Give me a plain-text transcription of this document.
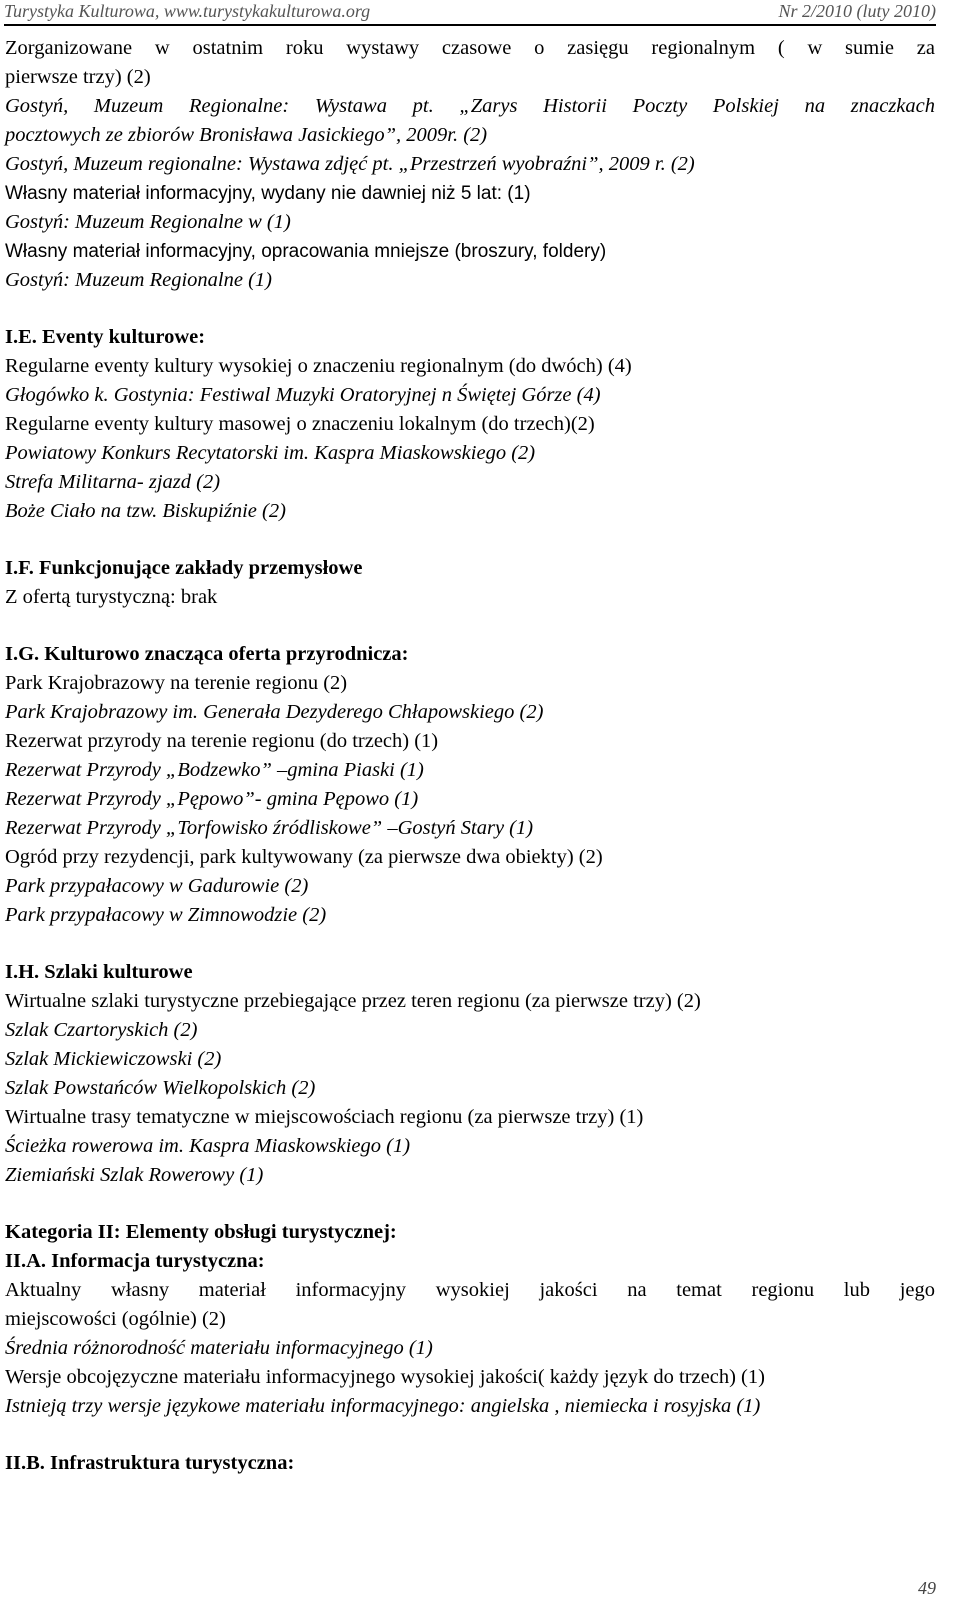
Turystyka Kulturowa, www.turystykakulturowa.org	Nr 2/2010 (luty 2010)
Zorganizowane w ostatnim roku wystawy czasowe o zasięgu regionalnym ( w sumie za
pierwsze trzy) (2)
Gostyń, Muzeum Regionalne: Wystawa pt. „Zarys Historii Poczty Polskiej na znaczkach
pocztowych ze zbiorów Bronisława Jasickiego”, 2009r. (2)
Gostyń, Muzeum regionalne: Wystawa zdjęć pt. „Przestrzeń wyobraźni”, 2009 r. (2)
Własny materiał informacyjny, wydany nie dawniej niż 5 lat: (1)
Gostyń: Muzeum Regionalne w (1)
Własny materiał informacyjny, opracowania mniejsze (broszury, foldery)
Gostyń: Muzeum Regionalne (1)
I.E. Eventy kulturowe:
Regularne eventy kultury wysokiej o znaczeniu regionalnym (do dwóch) (4)
Głogówko k. Gostynia: Festiwal Muzyki Oratoryjnej n Świętej Górze (4)
Regularne eventy kultury masowej o znaczeniu lokalnym (do trzech)(2)
Powiatowy Konkurs Recytatorski im. Kaspra Miaskowskiego (2)
Strefa Militarna- zjazd (2)
Boże Ciało na tzw. Biskupiźnie (2)
I.F. Funkcjonujące zakłady przemysłowe
Z ofertą turystyczną: brak
I.G. Kulturowo znacząca oferta przyrodnicza:
Park Krajobrazowy na terenie regionu (2)
Park Krajobrazowy im. Generała Dezyderego Chłapowskiego (2)
Rezerwat przyrody na terenie regionu (do trzech) (1)
Rezerwat Przyrody „Bodzewko” –gmina Piaski (1)
Rezerwat Przyrody „Pępowo”- gmina Pępowo (1)
Rezerwat Przyrody „Torfowisko źródliskowe” –Gostyń Stary (1)
Ogród przy rezydencji, park kultywowany (za pierwsze dwa obiekty) (2)
Park przypałacowy w Gadurowie (2)
Park przypałacowy w Zimnowodzie (2)
I.H. Szlaki kulturowe
Wirtualne szlaki turystyczne przebiegające przez teren regionu (za pierwsze trzy) (2)
Szlak Czartoryskich (2)
Szlak Mickiewiczowski (2)
Szlak Powstańców Wielkopolskich (2)
Wirtualne trasy tematyczne w miejscowościach regionu (za pierwsze trzy) (1)
Ścieżka rowerowa im. Kaspra Miaskowskiego (1)
Ziemiański Szlak Rowerowy (1)
Kategoria II: Elementy obsługi turystycznej:
II.A. Informacja turystyczna:
Aktualny własny materiał informacyjny wysokiej jakości na temat regionu lub jego
miejscowości (ogólnie) (2)
Średnia różnorodność materiału informacyjnego (1)
Wersje obcojęzyczne materiału informacyjnego wysokiej jakości( każdy język do trzech) (1)
Istnieją trzy wersje językowe materiału informacyjnego: angielska , niemiecka i rosyjska (1)
II.B. Infrastruktura turystyczna:
49
